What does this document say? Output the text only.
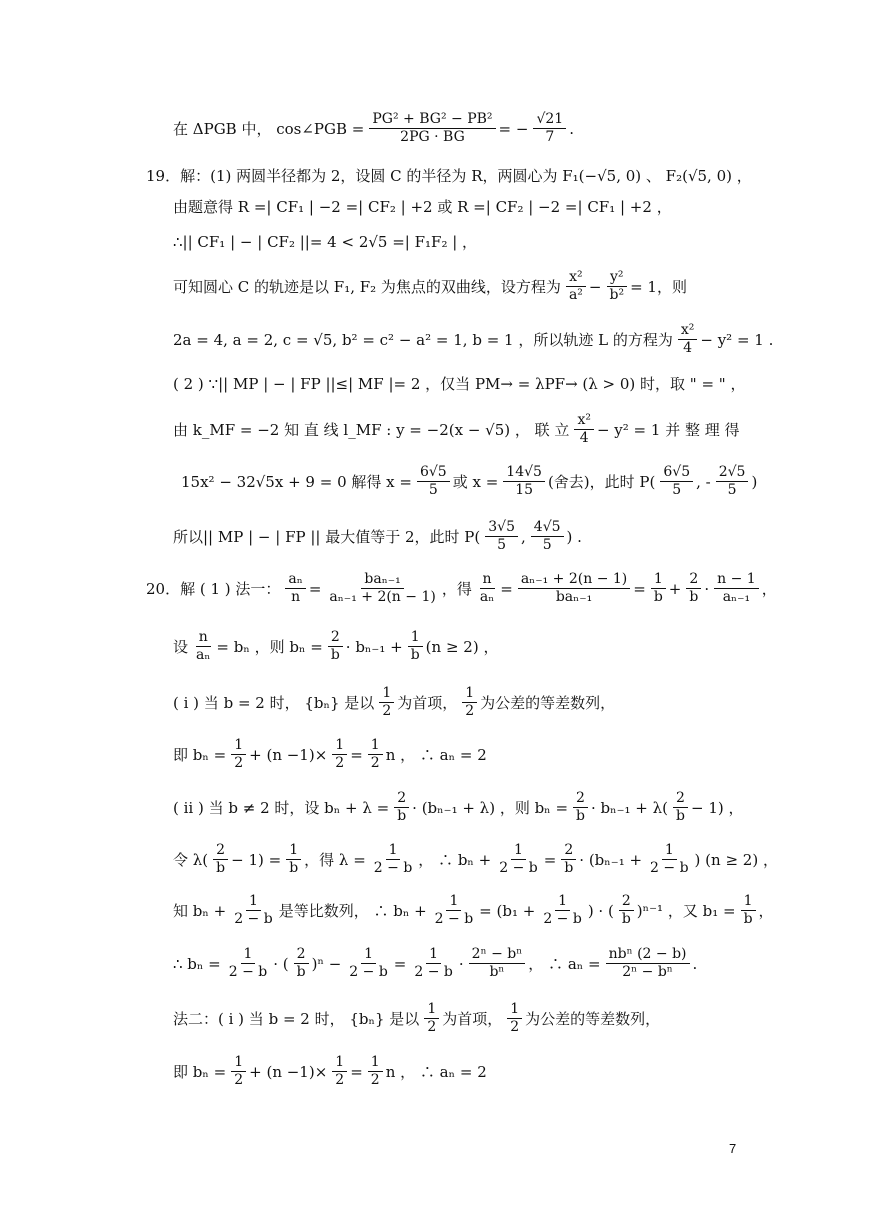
在 ΔPGB 中， cos∠PGB = $\frac{\text{PG² + BG² − PB²}}{2PG \cdot BG}$ = − $\frac{√21}{7}$ .
19．解：(1) 两圆半径都为 2，设圆 C 的半径为 R，两圆心为 F₁(−√5, 0) 、 F₂(√5, 0) ，
由题意得 R =| CF₁ | −2 =| CF₂ | +2 或 R =| CF₂ | −2 =| CF₁ | +2 ，
∴|| CF₁ | − | CF₂ ||= 4 < 2√5 =| F₁F₂ | ，
可知圆心 C 的轨迹是以 F₁, F₂ 为焦点的双曲线，设方程为 $\frac{\text{x²}}{\text{a²}} - \frac{\text{y²}}{\text{b²}} = 1$，则
2a = 4, a = 2, c = √5, b² = c² − a² = 1, b = 1 ，所以轨迹 L 的方程为 $\frac{\text{x²}}{4} - y^2 = 1$ .
( 2 ) ∵|| MP | − | FP ||≤| MF |= 2 ，仅当 PM→ = λPF→ (λ > 0) 时，取 " = " ，
由 k_MF = −2 知 直 线 l_MF : y = −2(x − √5) ， 联 立 $\frac{\text{x²}}{4} - y^2 = 1$ 并 整 理 得
15x² − 32√5x + 9 = 0 解得 $x = \frac{6√5}{5}$ 或 $x = \frac{14√5}{15}$ (舍去)，此时 $P( \frac{6√5}{5}$ , - $\frac{2√5}{5}$ )
所以|| MP | − | FP || 最大值等于 2，此时 $P( \frac{3√5}{5}$ , $\frac{4√5}{5}$ ) .
20．解 ( 1 ) 法一： $\frac{\text{aₙ}}{n} = \frac{\text{baₙ₋₁}}{\text{aₙ₋₁ + 2(n − 1)}}$ ，得 $\frac{n}{\text{aₙ}} = \frac{\text{aₙ₋₁ + 2(n − 1)}}{\text{baₙ₋₁}} = \frac{1}{b} + \frac{2}{b} \cdot \frac{n - 1}{\text{aₙ₋₁}}$ ，
设 $\frac{n}{\text{aₙ}} = b_n$ ，则 $b_n = \frac{2}{b} \cdot b_{n-1} + \frac{1}{b} (n \ge 2)$ ，
( ⅰ ) 当 b = 2 时， {bₙ} 是以 $\frac{1}{2}$ 为首项， $\frac{1}{2}$ 为公差的等差数列，
即 $b_n = \frac{1}{2} + (n -1)\times \frac{1}{2} = \frac{1}{2}$ n ， ∴ aₙ = 2
( ⅱ ) 当 b ≠ 2 时，设 $b_n + \lambda = \frac{2}{b} \cdot (b_{n-1} + \lambda)$ ，则 $b_n = \frac{2}{b} \cdot b_{n-1} + \lambda( \frac{2}{b} - 1)$ ，
令 $\lambda( \frac{2}{b} - 1) = \frac{1}{b}$ ，得 $\lambda = \frac{1}{2 - b}$ ， ∴ $b_n + \frac{1}{2 - b} = \frac{2}{b} \cdot (b_{n-1} + \frac{1}{2 - b}$ ) (n ≥ 2) ，
知 $b_n + \frac{1}{2 - b}$ 是等比数列， ∴ $b_n + \frac{1}{2 - b} = (b_1 + \frac{1}{2 - b}$ ) · ( $\frac{2}{b} )^{n-1}$ ，又 $b_1 = \frac{1}{b}$ ，
∴ $b_n = \frac{1}{2 - b}$ · ( $\frac{2}{b} )^n - \frac{1}{2 - b} = \frac{1}{2 - b} \cdot \frac{\text{2ⁿ − bⁿ}}{\text{bⁿ}}$ ， ∴ $a_n = \frac{\text{nbⁿ (2 − b)}}{\text{2ⁿ − bⁿ}}$ .
法二：( ⅰ ) 当 b = 2 时， {bₙ} 是以 $\frac{1}{2}$ 为首项， $\frac{1}{2}$ 为公差的等差数列，
即 $b_n = \frac{1}{2} + (n -1)\times \frac{1}{2} = \frac{1}{2}$ n ， ∴ aₙ = 2
7
